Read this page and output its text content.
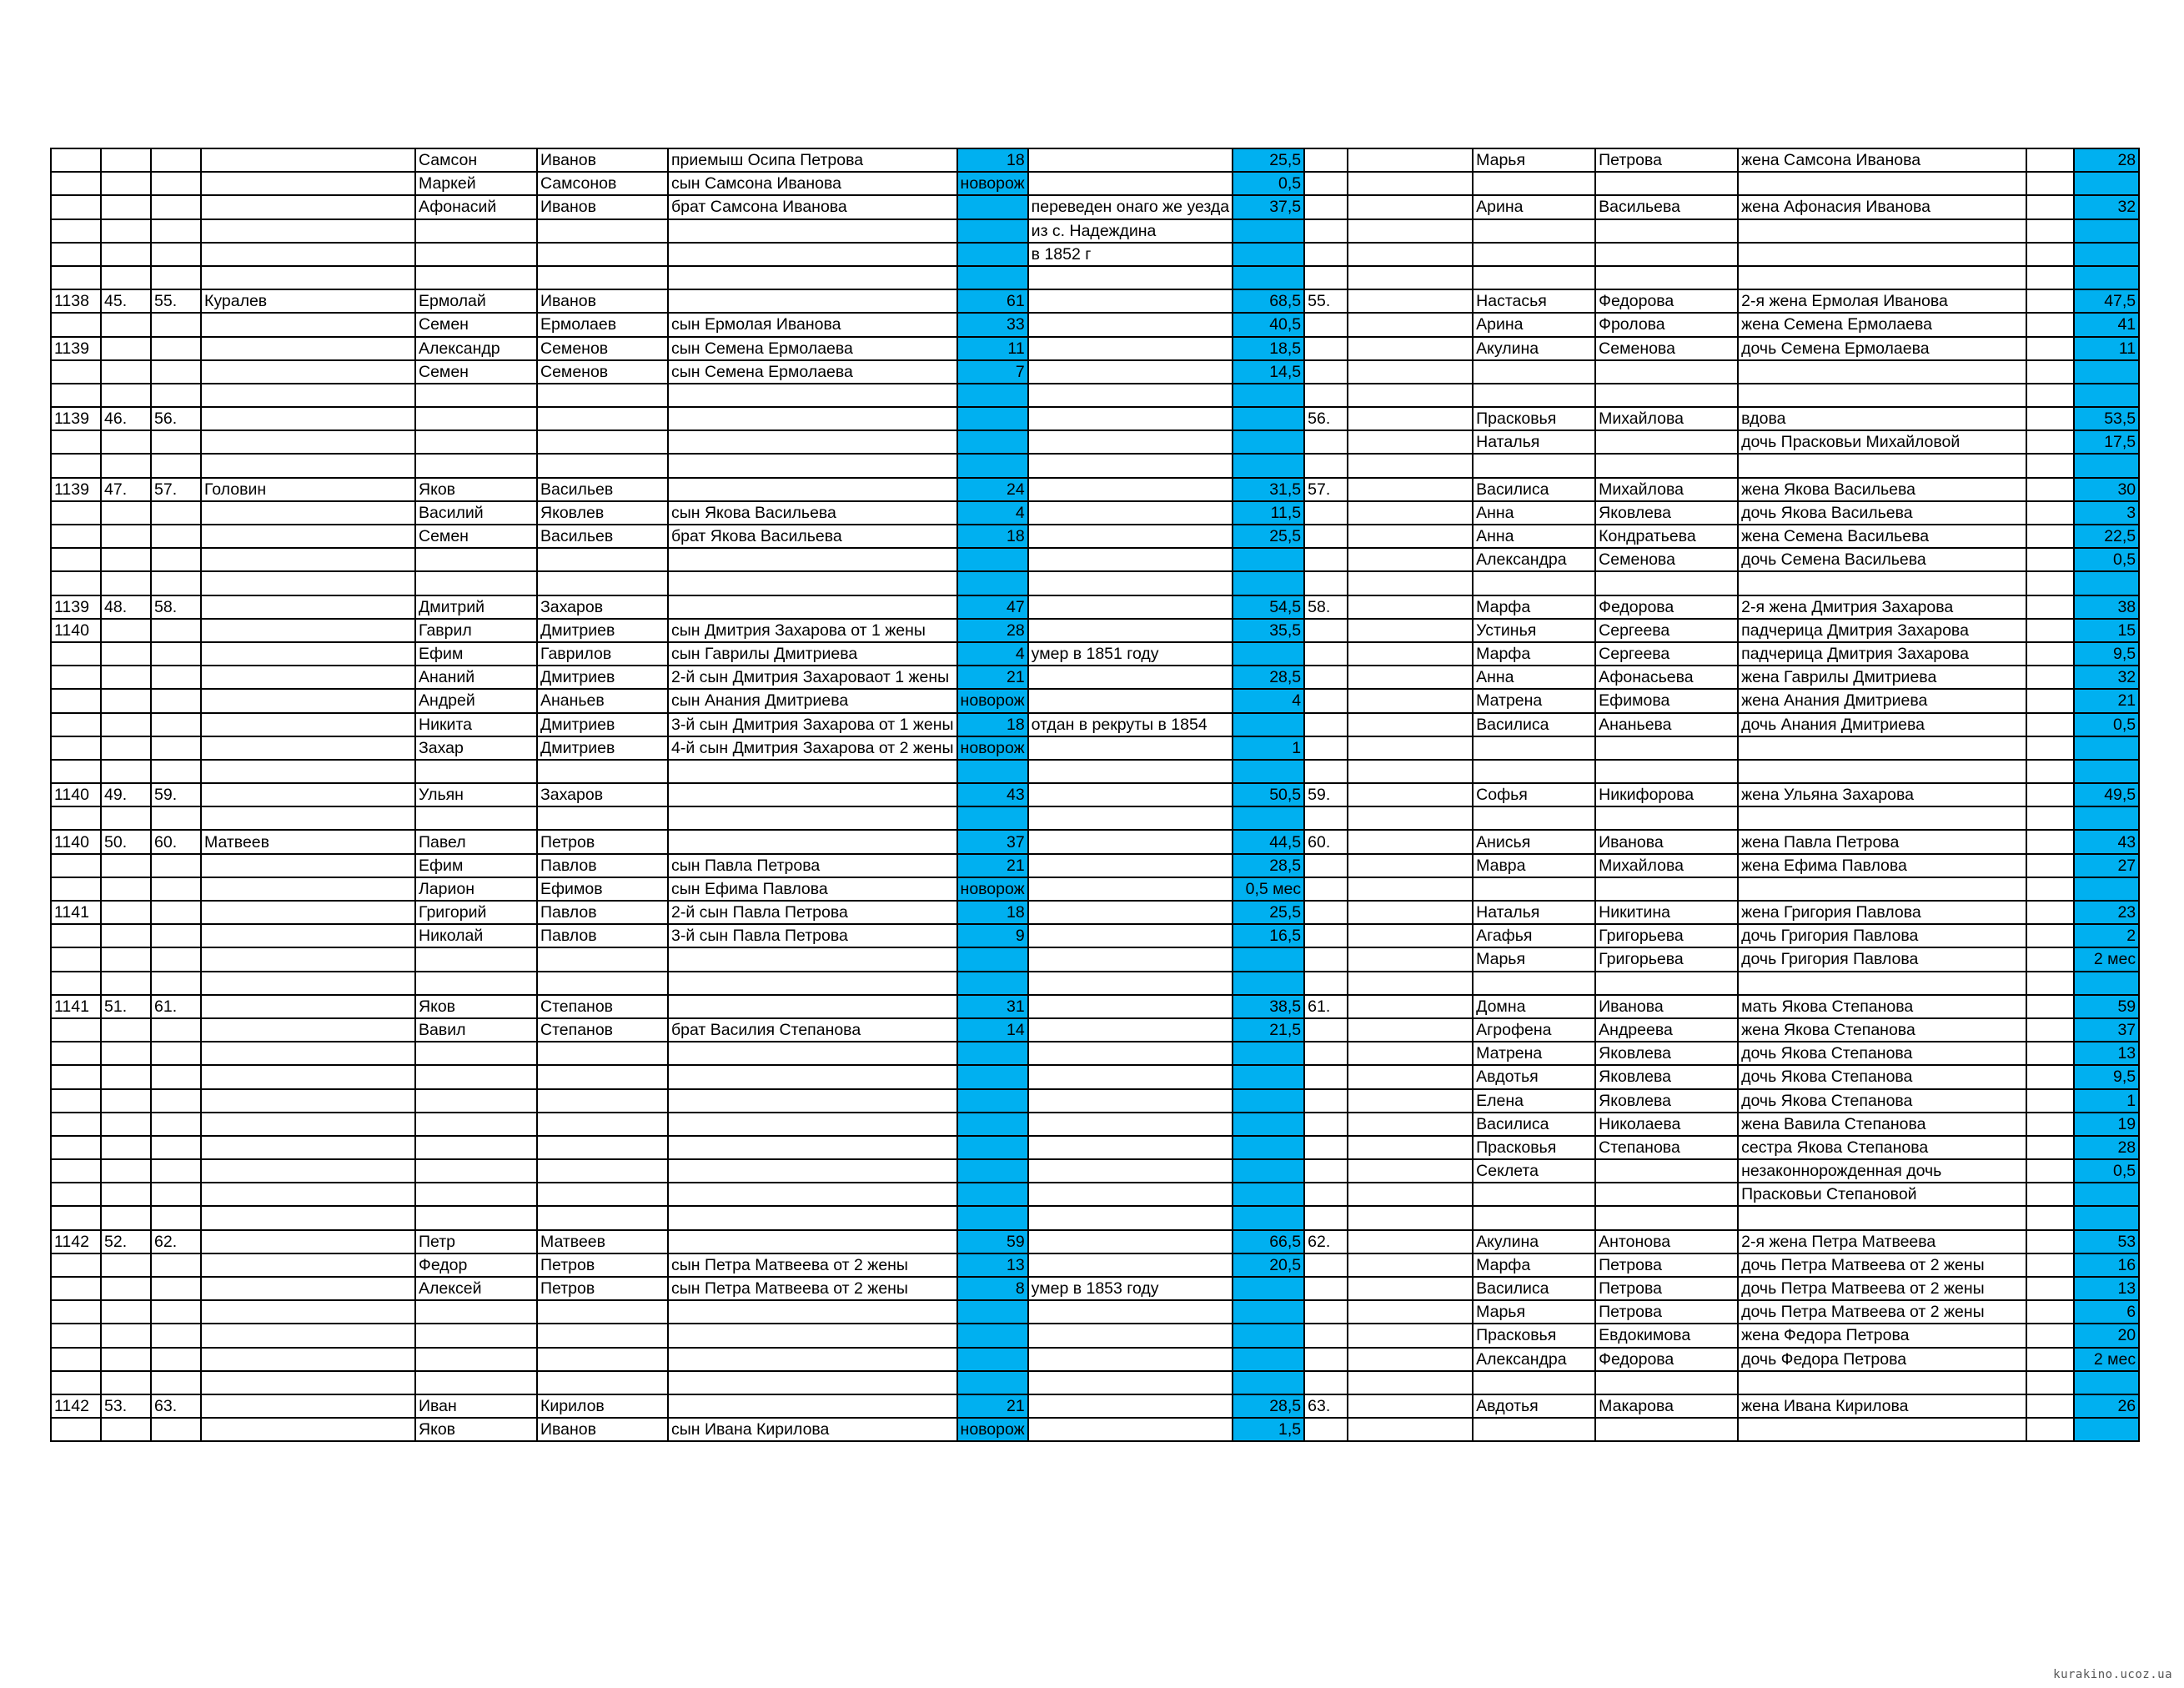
				Самсон	Иванов	приемыш Осипа Петрова	18		25,5			Марья	Петрова	жена Самсона Иванова		28
				Маркей	Самсонов	сын Самсона Иванова	новорож		0,5							
				Афонасий	Иванов	брат Самсона Иванова		переведен онаго же уезда	37,5			Арина	Васильева	жена Афонасия Иванова		32
								из с. Надеждина								
								в 1852 г								

1138	45.	55.	Куралев	Ермолай	Иванов		61		68,5	55.		Настасья	Федорова	2-я жена Ермолая Иванова		47,5
				Семен	Ермолаев	сын Ермолая Иванова	33		40,5			Арина	Фролова	жена Семена Ермолаева		41
1139				Александр	Семенов	сын Семена Ермолаева	11		18,5			Акулина	Семенова	дочь Семена Ермолаева		11
				Семен	Семенов	сын Семена Ермолаева	7		14,5							

1139	46.	56.								56.		Прасковья	Михайлова	вдова		53,5
												Наталья		дочь Прасковьи Михайловой		17,5

1139	47.	57.	Головин	Яков	Васильев		24		31,5	57.		Василиса	Михайлова	жена Якова Васильева		30
				Василий	Яковлев	сын Якова Васильева	4		11,5			Анна	Яковлева	дочь Якова Васильева		3
				Семен	Васильев	брат Якова Васильева	18		25,5			Анна	Кондратьева	жена Семена Васильева		22,5
												Александра	Семенова	дочь Семена Васильева		0,5

1139	48.	58.		Дмитрий	Захаров		47		54,5	58.		Марфа	Федорова	2-я жена Дмитрия Захарова		38
1140				Гаврил	Дмитриев	сын Дмитрия Захарова от 1 жены	28		35,5			Устинья	Сергеева	падчерица Дмитрия Захарова		15
				Ефим	Гаврилов	сын Гаврилы Дмитриева	4	умер в 1851 году				Марфа	Сергеева	падчерица Дмитрия Захарова		9,5
				Ананий	Дмитриев	2-й сын Дмитрия Захароваот 1 жены	21		28,5			Анна	Афонасьева	жена Гаврилы Дмитриева		32
				Андрей	Ананьев	сын Анания Дмитриева	новорож		4			Матрена	Ефимова	жена Анания Дмитриева		21
				Никита	Дмитриев	3-й сын Дмитрия Захарова от 1 жены	18	отдан в рекруты в 1854				Василиса	Ананьева	дочь Анания Дмитриева		0,5
				Захар	Дмитриев	4-й сын Дмитрия Захарова от 2 жены	новорож		1							

1140	49.	59.		Ульян	Захаров		43		50,5	59.		Софья	Никифорова	жена Ульяна Захарова		49,5

1140	50.	60.	Матвеев	Павел	Петров		37		44,5	60.		Анисья	Иванова	жена Павла Петрова		43
				Ефим	Павлов	сын Павла Петрова	21		28,5			Мавра	Михайлова	жена Ефима Павлова		27
				Ларион	Ефимов	сын Ефима Павлова	новорож		0,5 мес							
1141				Григорий	Павлов	2-й сын Павла Петрова	18		25,5			Наталья	Никитина	жена Григория Павлова		23
				Николай	Павлов	3-й сын Павла Петрова	9		16,5			Агафья	Григорьева	дочь Григория Павлова		2
												Марья	Григорьева	дочь Григория Павлова		2 мес

1141	51.	61.		Яков	Степанов		31		38,5	61.		Домна	Иванова	мать Якова Степанова		59
				Вавил	Степанов	брат Василия Степанова	14		21,5			Агрофена	Андреева	жена Якова Степанова		37
												Матрена	Яковлева	дочь Якова Степанова		13
												Авдотья	Яковлева	дочь Якова Степанова		9,5
												Елена	Яковлева	дочь Якова Степанова		1
												Василиса	Николаева	жена Вавила Степанова		19
												Прасковья	Степанова	сестра Якова Степанова		28
												Секлета		незаконнорожденная дочь		0,5
														Прасковьи Степановой		

1142	52.	62.		Петр	Матвеев		59		66,5	62.		Акулина	Антонова	2-я жена Петра Матвеева		53
				Федор	Петров	сын Петра Матвеева от 2 жены	13		20,5			Марфа	Петрова	дочь Петра Матвеева от 2 жены		16
				Алексей	Петров	сын Петра Матвеева от 2 жены	8	умер в 1853 году				Василиса	Петрова	дочь Петра Матвеева от 2 жены		13
												Марья	Петрова	дочь Петра Матвеева от 2 жены		6
												Прасковья	Евдокимова	жена Федора Петрова		20
												Александра	Федорова	дочь Федора Петрова		2 мес

1142	53.	63.		Иван	Кирилов		21		28,5	63.		Авдотья	Макарова	жена Ивана Кирилова		26
				Яков	Иванов	сын Ивана Кирилова	новорож		1,5							
kurakino.ucoz.ua
